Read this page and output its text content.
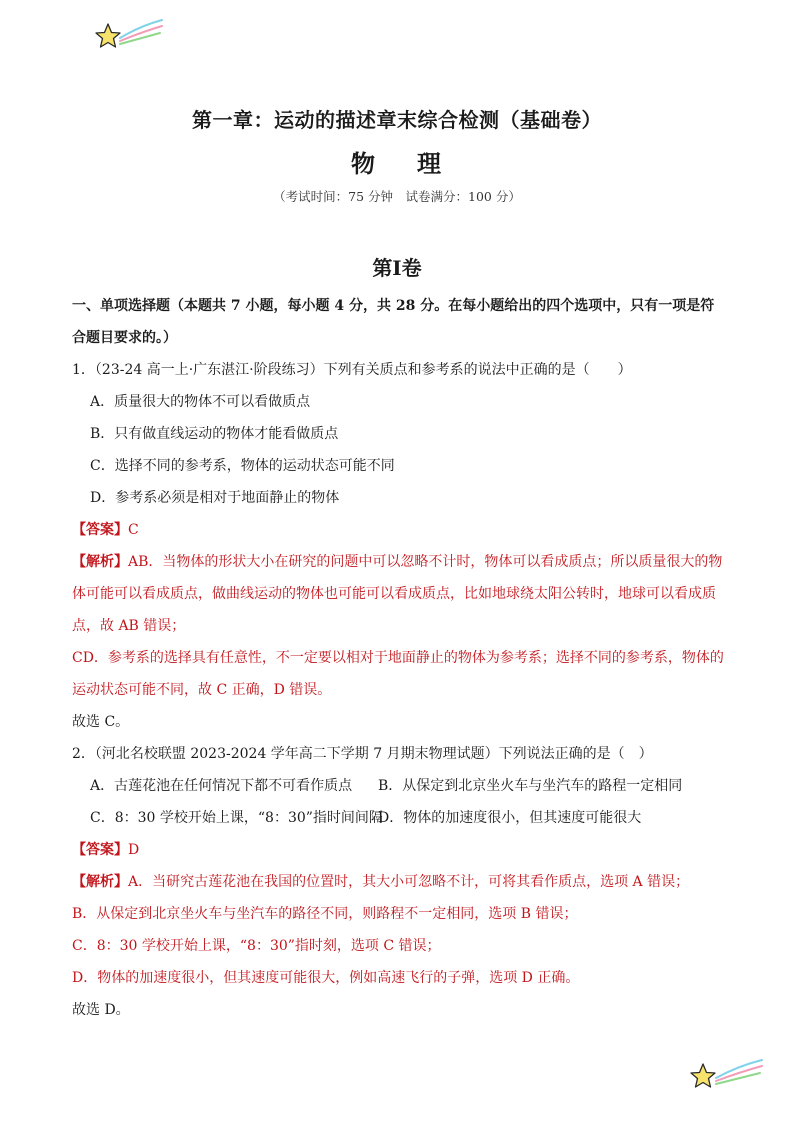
第一章：运动的描述章末综合检测（基础卷）
物 理
（考试时间：75 分钟　试卷满分：100 分）
第Ⅰ卷
一、单项选择题（本题共 7 小题，每小题 4 分，共 28 分。在每小题给出的四个选项中，只有一项是符
合题目要求的。）
1．（23-24 高一上·广东湛江·阶段练习）下列有关质点和参考系的说法中正确的是（　　）
A．质量很大的物体不可以看做质点
B．只有做直线运动的物体才能看做质点
C．选择不同的参考系，物体的运动状态可能不同
D．参考系必须是相对于地面静止的物体
【答案】C
【解析】AB．当物体的形状大小在研究的问题中可以忽略不计时，物体可以看成质点；所以质量很大的物
体可能可以看成质点，做曲线运动的物体也可能可以看成质点，比如地球绕太阳公转时，地球可以看成质
点，故 AB 错误；
CD．参考系的选择具有任意性，不一定要以相对于地面静止的物体为参考系；选择不同的参考系，物体的
运动状态可能不同，故 C 正确，D 错误。
故选 C。
2．（河北名校联盟 2023-2024 学年高二下学期 7 月期末物理试题）下列说法正确的是（　）
A．古莲花池在任何情况下都不可看作质点	B．从保定到北京坐火车与坐汽车的路程一定相同
C．8：30 学校开始上课，“8：30”指时间间隔
D．物体的加速度很小，但其速度可能很大
【答案】D
【解析】A．当研究古莲花池在我国的位置时，其大小可忽略不计，可将其看作质点，选项 A 错误；
B．从保定到北京坐火车与坐汽车的路径不同，则路程不一定相同，选项 B 错误；
C．8：30 学校开始上课，“8：30”指时刻，选项 C 错误；
D．物体的加速度很小，但其速度可能很大，例如高速飞行的子弹，选项 D 正确。
故选 D。
